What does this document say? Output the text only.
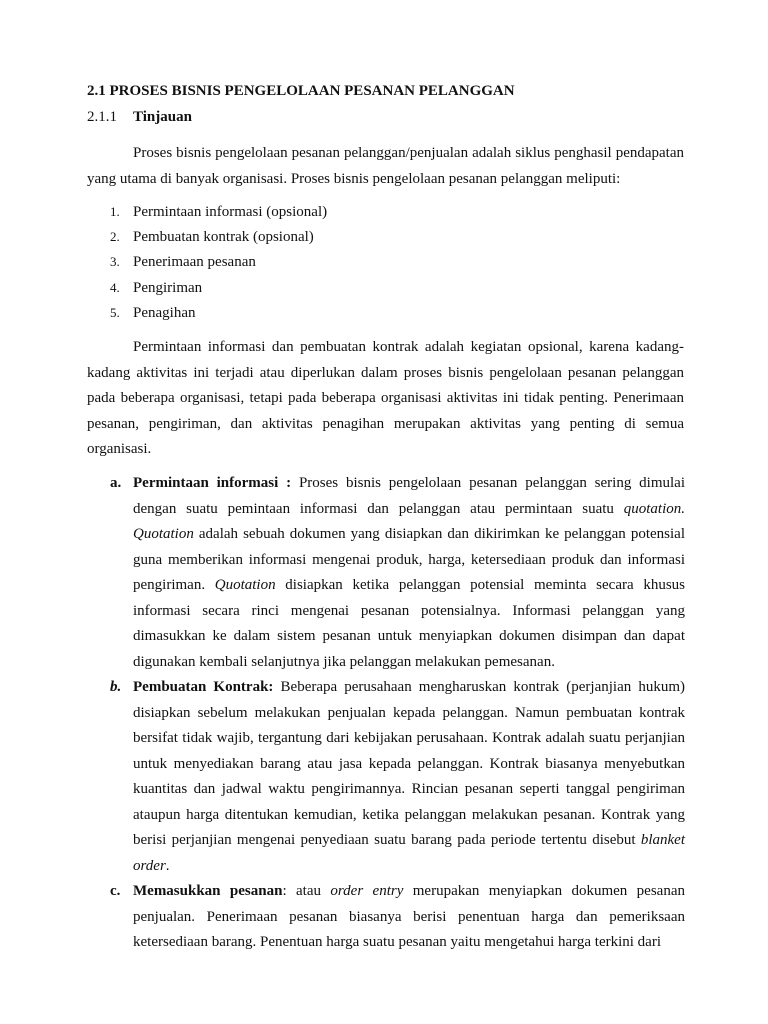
2.1 PROSES BISNIS PENGELOLAAN PESANAN PELANGGAN
2.1.1 Tinjauan

Proses bisnis pengelolaan pesanan pelanggan/penjualan adalah siklus penghasil pendapatan yang utama di banyak organisasi. Proses bisnis pengelolaan pesanan pelanggan meliputi:

1. Permintaan informasi (opsional)
2. Pembuatan kontrak (opsional)
3. Penerimaan pesanan
4. Pengiriman
5. Penagihan

Permintaan informasi dan pembuatan kontrak adalah kegiatan opsional, karena kadang-kadang aktivitas ini terjadi atau diperlukan dalam proses bisnis pengelolaan pesanan pelanggan pada beberapa organisasi, tetapi pada beberapa organisasi aktivitas ini tidak penting. Penerimaan pesanan, pengiriman, dan aktivitas penagihan merupakan aktivitas yang penting di semua organisasi.

a. Permintaan informasi : Proses bisnis pengelolaan pesanan pelanggan sering dimulai dengan suatu pemintaan informasi dan pelanggan atau permintaan suatu quotation. Quotation adalah sebuah dokumen yang disiapkan dan dikirimkan ke pelanggan potensial guna memberikan informasi mengenai produk, harga, ketersediaan produk dan informasi pengiriman. Quotation disiapkan ketika pelanggan potensial meminta secara khusus informasi secara rinci mengenai pesanan potensialnya. Informasi pelanggan yang dimasukkan ke dalam sistem pesanan untuk menyiapkan dokumen disimpan dan dapat digunakan kembali selanjutnya jika pelanggan melakukan pemesanan.
b. Pembuatan Kontrak: Beberapa perusahaan mengharuskan kontrak (perjanjian hukum) disiapkan sebelum melakukan penjualan kepada pelanggan. Namun pembuatan kontrak bersifat tidak wajib, tergantung dari kebijakan perusahaan. Kontrak adalah suatu perjanjian untuk menyediakan barang atau jasa kepada pelanggan. Kontrak biasanya menyebutkan kuantitas dan jadwal waktu pengirimannya. Rincian pesanan seperti tanggal pengiriman ataupun harga ditentukan kemudian, ketika pelanggan melakukan pesanan. Kontrak yang berisi perjanjian mengenai penyediaan suatu barang pada periode tertentu disebut blanket order.
c. Memasukkan pesanan: atau order entry merupakan menyiapkan dokumen pesanan penjualan. Penerimaan pesanan biasanya berisi penentuan harga dan pemeriksaan ketersediaan barang. Penentuan harga suatu pesanan yaitu mengetahui harga terkini dari
